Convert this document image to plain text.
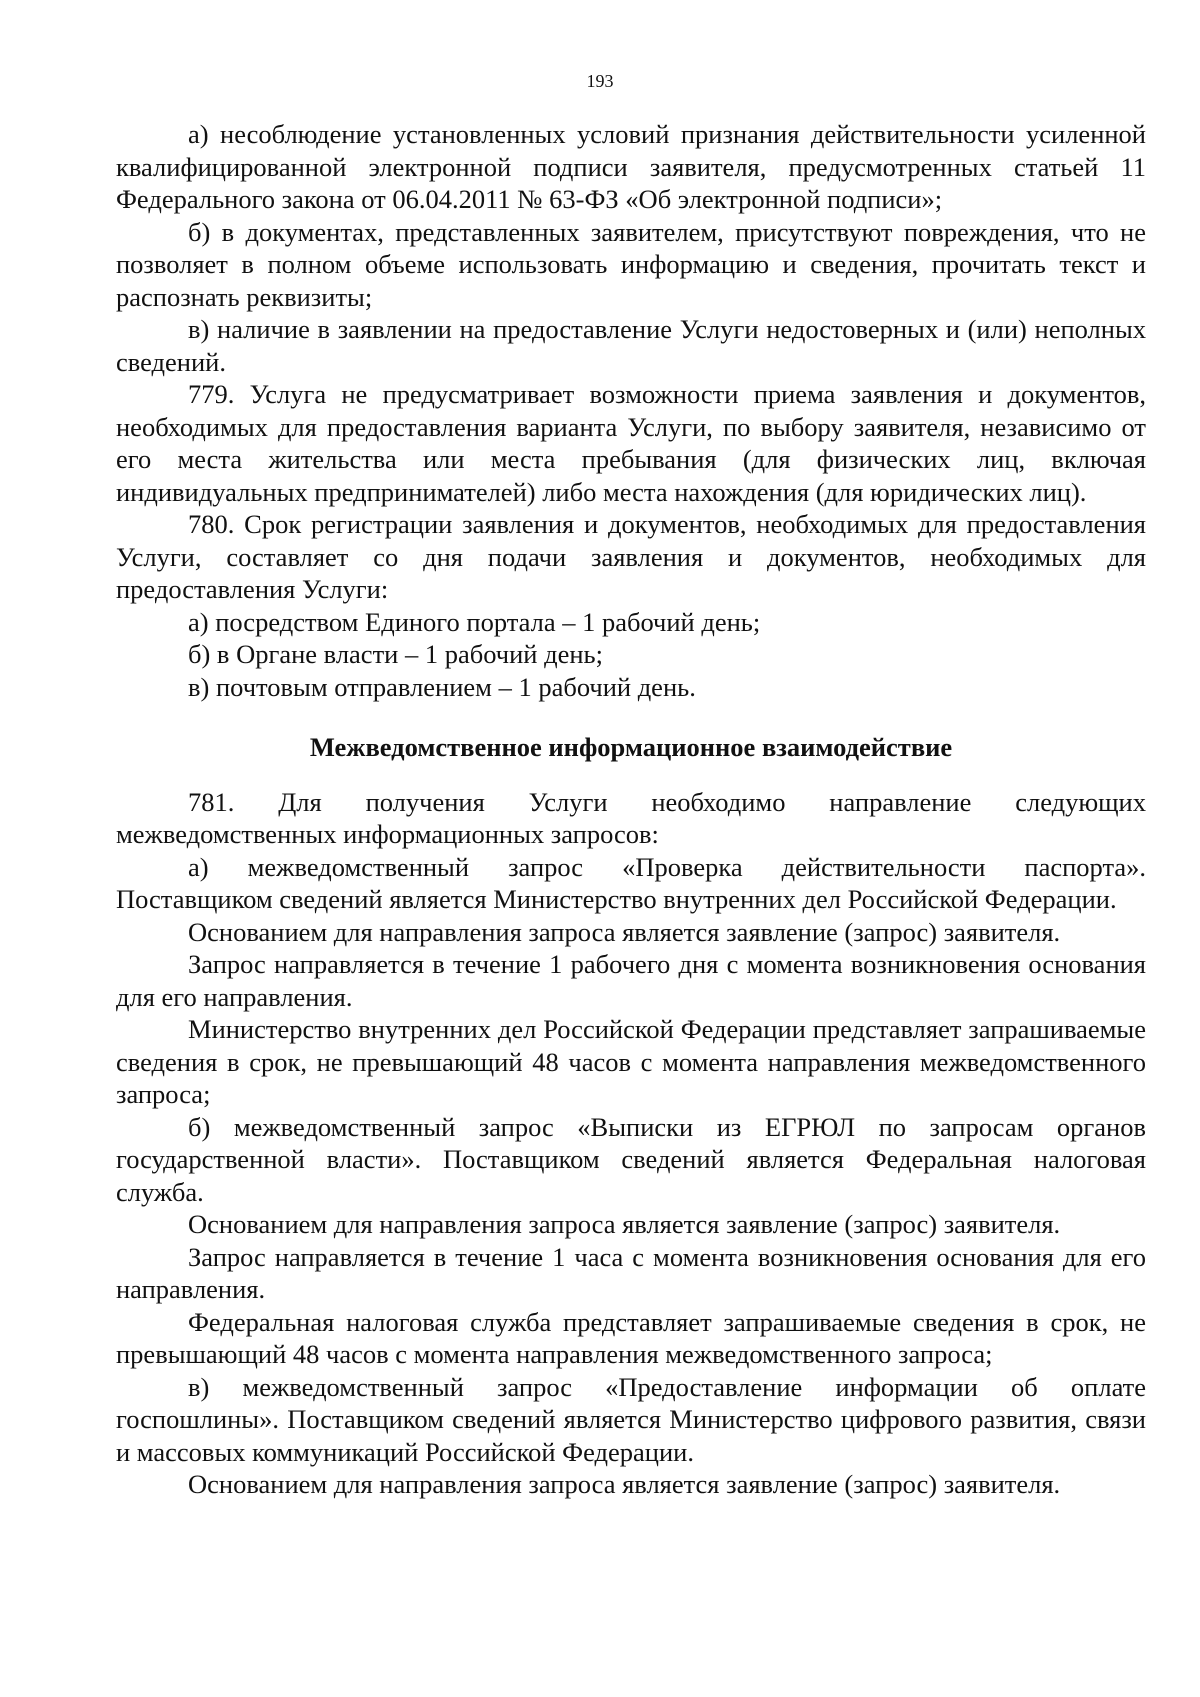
193

а) несоблюдение установленных условий признания действительности усиленной квалифицированной электронной подписи заявителя, предусмотренных статьей 11 Федерального закона от 06.04.2011 № 63-ФЗ «Об электронной подписи»;

б) в документах, представленных заявителем, присутствуют повреждения, что не позволяет в полном объеме использовать информацию и сведения, прочитать текст и распознать реквизиты;

в) наличие в заявлении на предоставление Услуги недостоверных и (или) неполных сведений.

779. Услуга не предусматривает возможности приема заявления и документов, необходимых для предоставления варианта Услуги, по выбору заявителя, независимо от его места жительства или места пребывания (для физических лиц, включая индивидуальных предпринимателей) либо места нахождения (для юридических лиц).

780. Срок регистрации заявления и документов, необходимых для предоставления Услуги, составляет со дня подачи заявления и документов, необходимых для предоставления Услуги:

а) посредством Единого портала – 1 рабочий день;

б) в Органе власти – 1 рабочий день;

в) почтовым отправлением – 1 рабочий день.

Межведомственное информационное взаимодействие

781. Для получения Услуги необходимо направление следующих межведомственных информационных запросов:

а) межведомственный запрос «Проверка действительности паспорта». Поставщиком сведений является Министерство внутренних дел Российской Федерации.

Основанием для направления запроса является заявление (запрос) заявителя.

Запрос направляется в течение 1 рабочего дня с момента возникновения основания для его направления.

Министерство внутренних дел Российской Федерации представляет запрашиваемые сведения в срок, не превышающий 48 часов с момента направления межведомственного запроса;

б) межведомственный запрос «Выписки из ЕГРЮЛ по запросам органов государственной власти». Поставщиком сведений является Федеральная налоговая служба.

Основанием для направления запроса является заявление (запрос) заявителя.

Запрос направляется в течение 1 часа с момента возникновения основания для его направления.

Федеральная налоговая служба представляет запрашиваемые сведения в срок, не превышающий 48 часов с момента направления межведомственного запроса;

в) межведомственный запрос «Предоставление информации об оплате госпошлины». Поставщиком сведений является Министерство цифрового развития, связи и массовых коммуникаций Российской Федерации.

Основанием для направления запроса является заявление (запрос) заявителя.
